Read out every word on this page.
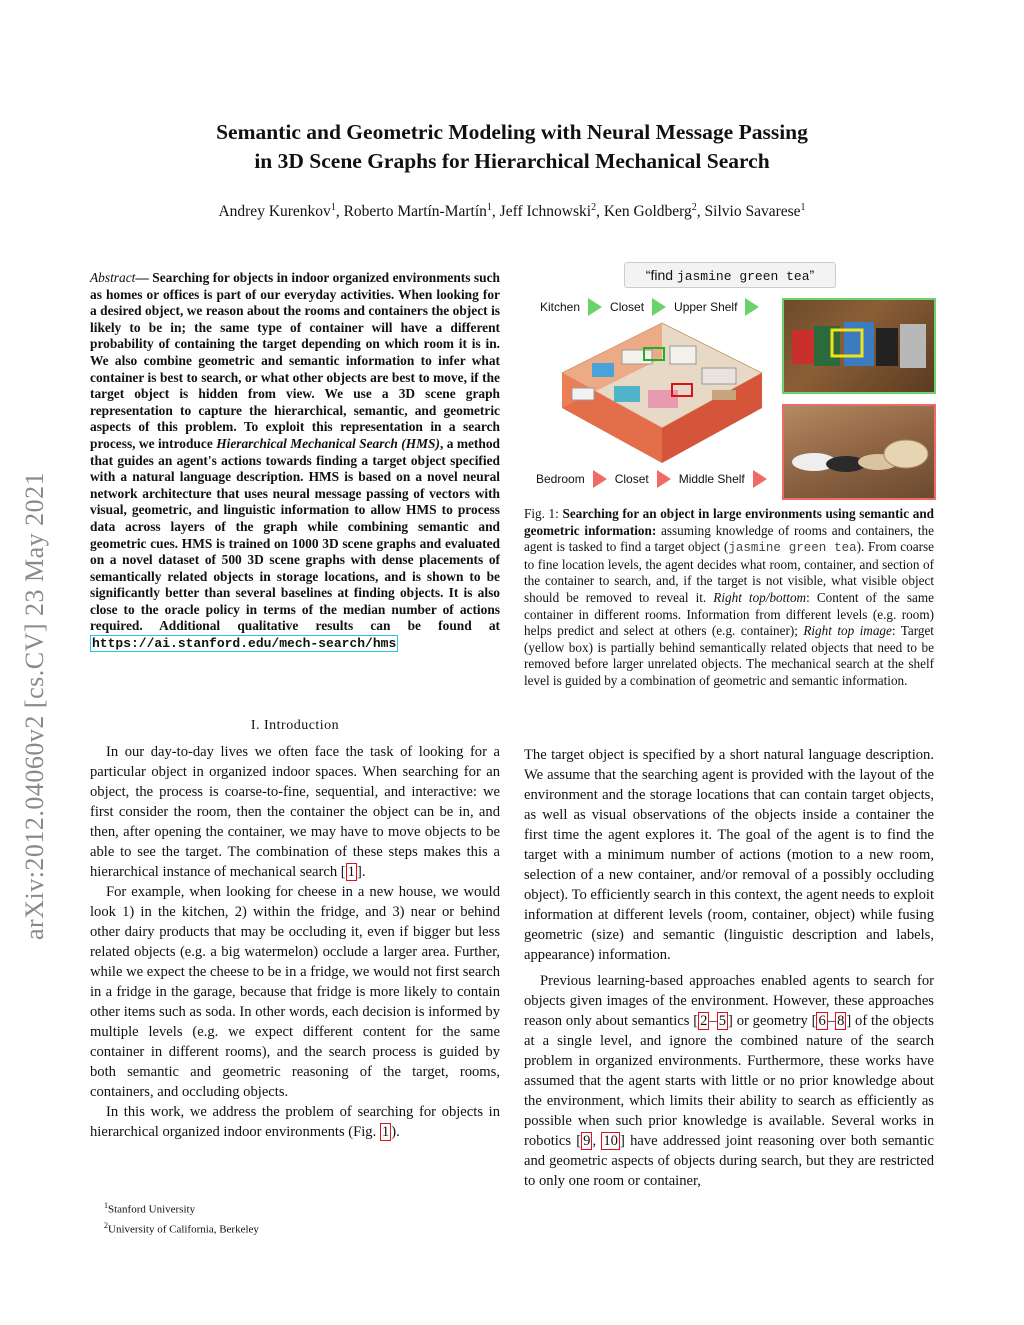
arXiv:2012.04060v2 [cs.CV] 23 May 2021
Semantic and Geometric Modeling with Neural Message Passing
in 3D Scene Graphs for Hierarchical Mechanical Search
Andrey Kurenkov$^1$, Roberto Martín-Martín$^1$, Jeff Ichnowski$^2$, Ken Goldberg$^2$, Silvio Savarese$^1$
Abstract— Searching for objects in indoor organized environments such as homes or offices is part of our everyday activities. When looking for a desired object, we reason about the rooms and containers the object is likely to be in; the same type of container will have a different probability of containing the target depending on which room it is in. We also combine geometric and semantic information to infer what container is best to search, or what other objects are best to move, if the target object is hidden from view. We use a 3D scene graph representation to capture the hierarchical, semantic, and geometric aspects of this problem. To exploit this representation in a search process, we introduce Hierarchical Mechanical Search (HMS), a method that guides an agent's actions towards finding a target object specified with a natural language description. HMS is based on a novel neural network architecture that uses neural message passing of vectors with visual, geometric, and linguistic information to allow HMS to process data across layers of the graph while combining semantic and geometric cues. HMS is trained on 1000 3D scene graphs and evaluated on a novel dataset of 500 3D scene graphs with dense placements of semantically related objects in storage locations, and is shown to be significantly better than several baselines at finding objects. It is also close to the oracle policy in terms of the median number of actions required. Additional qualitative results can be found at https://ai.stanford.edu/mech-search/hms
I. Introduction

In our day-to-day lives we often face the task of looking for a particular object in organized indoor spaces. When searching for an object, the process is coarse-to-fine, sequential, and interactive: we first consider the room, then the container the object can be in, and then, after opening the container, we may have to move objects to be able to see the target. The combination of these steps makes this a hierarchical instance of mechanical search [ 1 ].

For example, when looking for cheese in a new house, we would look 1) in the kitchen, 2) within the fridge, and 3) near or behind other dairy products that may be occluding it, even if bigger but less related objects (e.g. a big watermelon) occlude a larger area. Further, while we expect the cheese to be in a fridge, we would not first search in a fridge in the garage, because that fridge is more likely to contain other items such as soda. In other words, each decision is informed by multiple levels (e.g. we expect different content for the same container in different rooms), and the search process is guided by both semantic and geometric reasoning of the target, rooms, containers, and occluding objects.

In this work, we address the problem of searching for objects in hierarchical organized indoor environments (Fig. 1 ).

$^1$Stanford University
$^2$University of California, Berkeley
“find jasmine green tea”
Kitchen	Closet	Upper Shelf
Bedroom	Closet	Middle Shelf
Fig. 1: Searching for an object in large environments using semantic and geometric information: assuming knowledge of rooms and containers, the agent is tasked to find a target object (jasmine green tea). From coarse to fine location levels, the agent decides what room, container, and section of the container to search, and, if the target is not visible, what visible object should be removed to reveal it. Right top/bottom: Content of the same container in different rooms. Information from different levels (e.g. room) helps predict and select at others (e.g. container); Right top image: Target (yellow box) is partially behind semantically related objects that need to be removed before larger unrelated objects. The mechanical search at the shelf level is guided by a combination of geometric and semantic information.

The target object is specified by a short natural language description. We assume that the searching agent is provided with the layout of the environment and the storage locations that can contain target objects, as well as visual observations of the objects inside a container the first time the agent explores it. The goal of the agent is to find the target with a minimum number of actions (motion to a new room, selection of a new container, and/or removal of a possibly occluding object). To efficiently search in this context, the agent needs to exploit information at different levels (room, container, object) while fusing geometric (size) and semantic (linguistic description and labels, appearance) information.

Previous learning-based approaches enabled agents to search for objects given images of the environment. However, these approaches reason only about semantics [ 2 – 5 ] or geometry [ 6 – 8 ] of the objects at a single level, and ignore the combined nature of the search problem in organized environments. Furthermore, these works have assumed that the agent starts with little or no prior knowledge about the environment, which limits their ability to search as efficiently as possible when such prior knowledge is available. Several works in robotics [ 9 , 10 ] have addressed joint reasoning over both semantic and geometric aspects of objects during search, but they are restricted to only one room or container,
